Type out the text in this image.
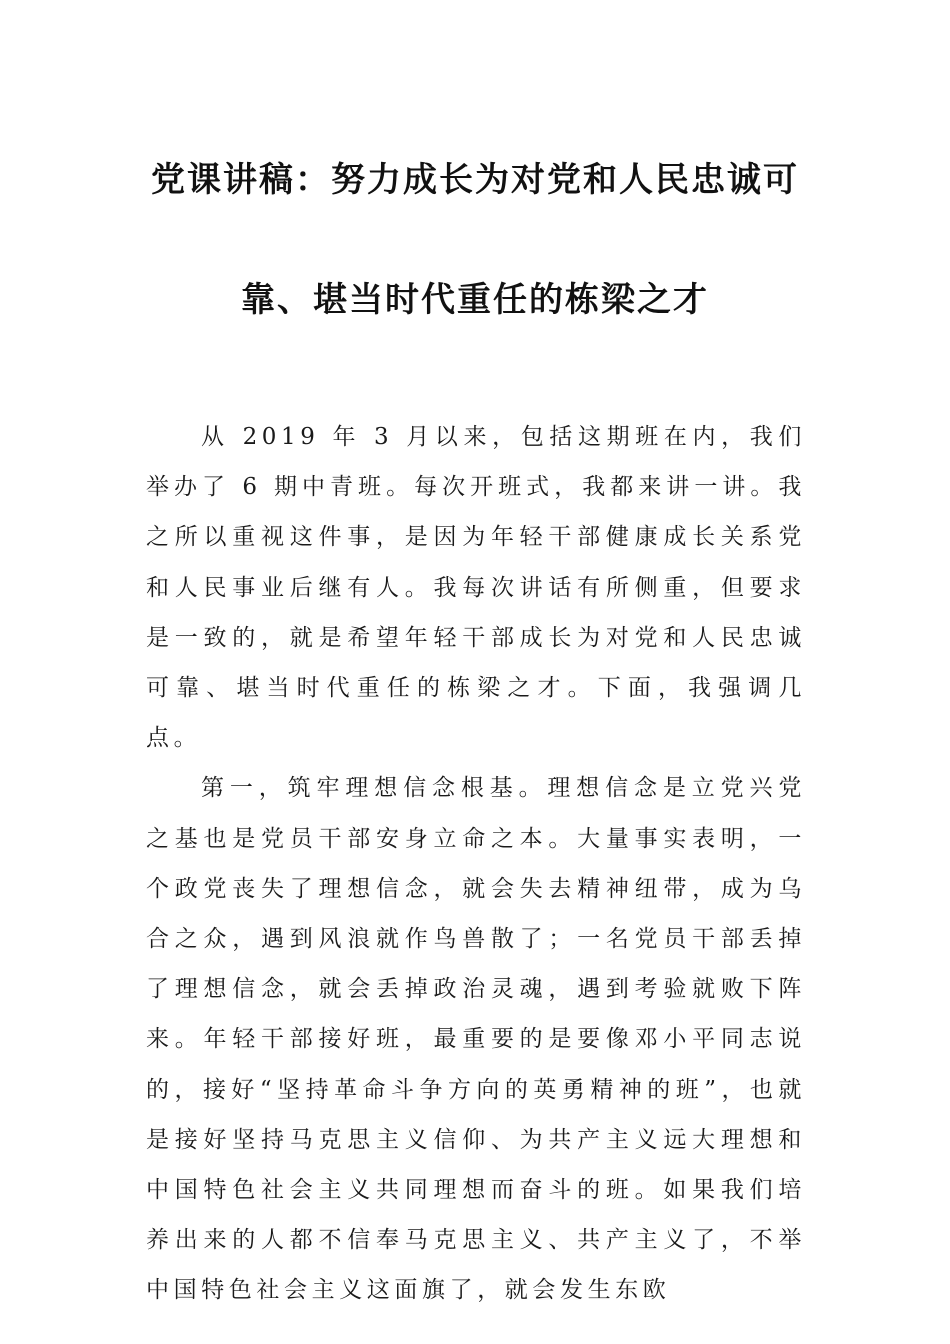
党课讲稿：努力成长为对党和人民忠诚可
靠、堪当时代重任的栋梁之才

从 2019 年 3 月以来，包括这期班在内，我们举办了 6 期中青班。每次开班式，我都来讲一讲。我之所以重视这件事，是因为年轻干部健康成长关系党和人民事业后继有人。我每次讲话有所侧重，但要求是一致的，就是希望年轻干部成长为对党和人民忠诚可靠、堪当时代重任的栋梁之才。下面，我强调几点。

第一，筑牢理想信念根基。理想信念是立党兴党之基也是党员干部安身立命之本。大量事实表明，一个政党丧失了理想信念，就会失去精神纽带，成为乌合之众，遇到风浪就作鸟兽散了；一名党员干部丢掉了理想信念，就会丢掉政治灵魂，遇到考验就败下阵来。年轻干部接好班，最重要的是要像邓小平同志说的，接好“坚持革命斗争方向的英勇精神的班”，也就是接好坚持马克思主义信仰、为共产主义远大理想和中国特色社会主义共同理想而奋斗的班。如果我们培养出来的人都不信奉马克思主义、共产主义了，不举中国特色社会主义这面旗了，就会发生东欧
